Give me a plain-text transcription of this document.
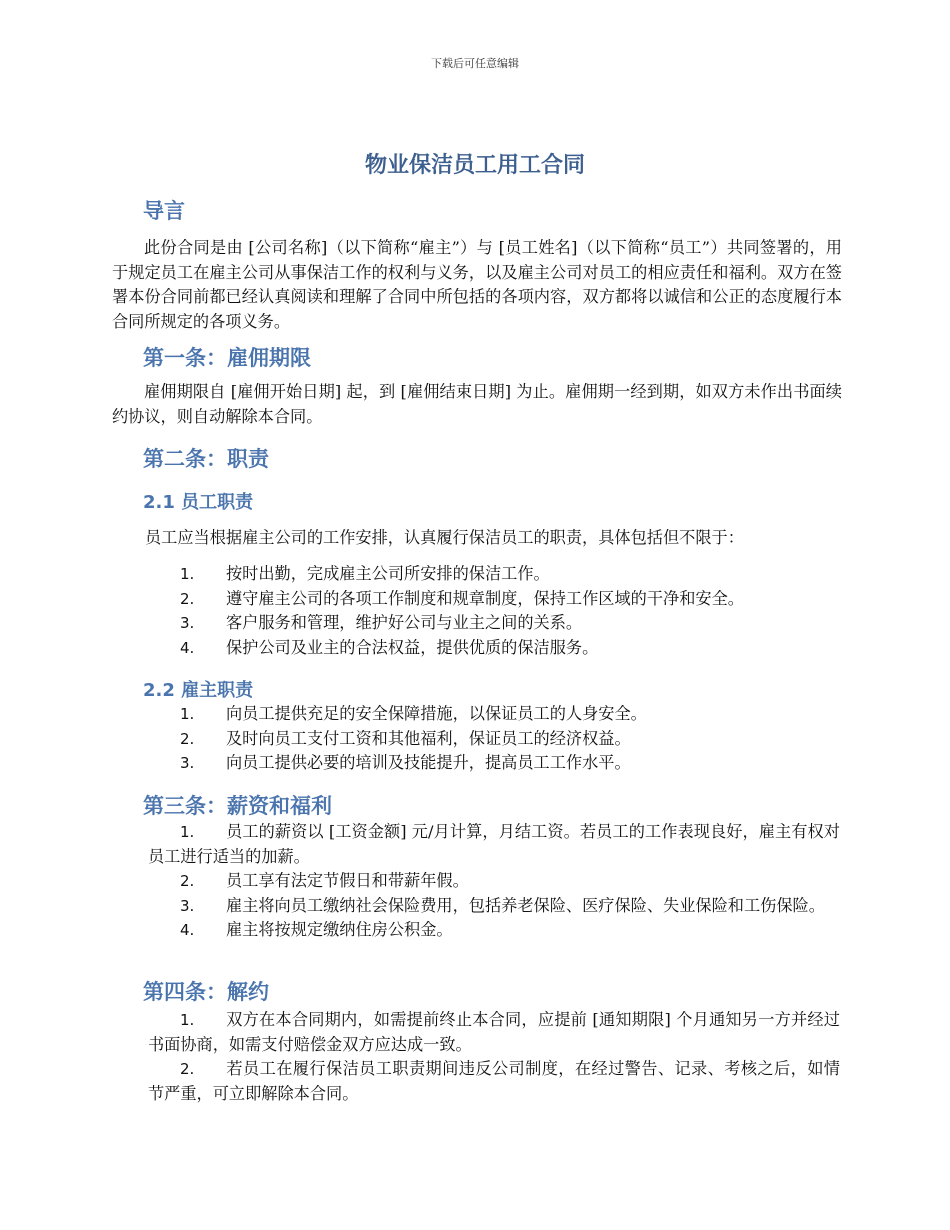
下载后可任意编辑
物业保洁员工用工合同
导言

此份合同是由 [公司名称]（以下简称“雇主”）与 [员工姓名]（以下简称“员工”）共同签署的，用于规定员工在雇主公司从事保洁工作的权利与义务，以及雇主公司对员工的相应责任和福利。双方在签署本份合同前都已经认真阅读和理解了合同中所包括的各项内容，双方都将以诚信和公正的态度履行本合同所规定的各项义务。

第一条：雇佣期限

雇佣期限自 [雇佣开始日期] 起，到 [雇佣结束日期] 为止。雇佣期一经到期，如双方未作出书面续约协议，则自动解除本合同。

第二条：职责
2.1 员工职责

员工应当根据雇主公司的工作安排，认真履行保洁员工的职责，具体包括但不限于：

1.	按时出勤，完成雇主公司所安排的保洁工作。
2.	遵守雇主公司的各项工作制度和规章制度，保持工作区域的干净和安全。
3.	客户服务和管理，维护好公司与业主之间的关系。
4.	保护公司及业主的合法权益，提供优质的保洁服务。
2.2 雇主职责
1.	向员工提供充足的安全保障措施，以保证员工的人身安全。
2.	及时向员工支付工资和其他福利，保证员工的经济权益。
3.	向员工提供必要的培训及技能提升，提高员工工作水平。
第三条：薪资和福利
1. 员工的薪资以 [工资金额] 元/月计算，月结工资。若员工的工作表现良好，雇主有权对员工进行适当的加薪。
2. 员工享有法定节假日和带薪年假。
3. 雇主将向员工缴纳社会保险费用，包括养老保险、医疗保险、失业保险和工伤保险。
4. 雇主将按规定缴纳住房公积金。
第四条：解约
1. 双方在本合同期内，如需提前终止本合同，应提前 [通知期限] 个月通知另一方并经过书面协商，如需支付赔偿金双方应达成一致。
2. 若员工在履行保洁员工职责期间违反公司制度，在经过警告、记录、考核之后，如情节严重，可立即解除本合同。
